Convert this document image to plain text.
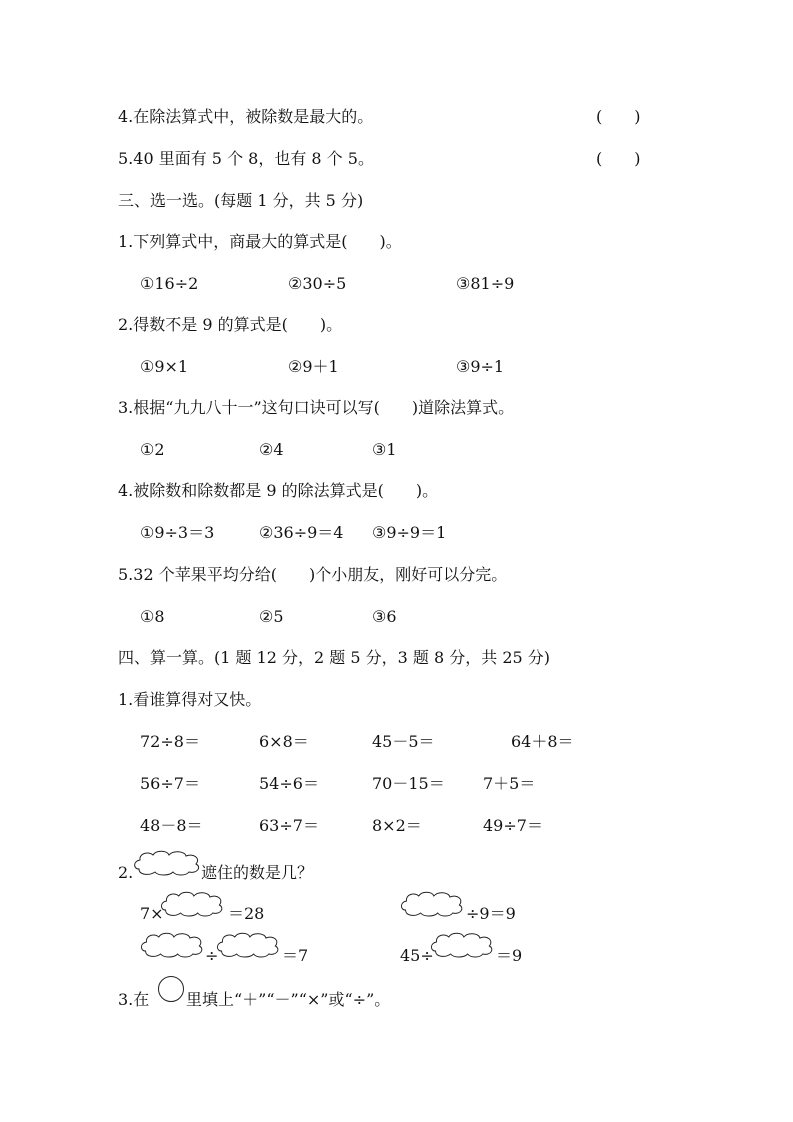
4.在除法算式中，被除数是最大的。	(　　)
5.40 里面有 5 个 8，也有 8 个 5。	(　　)
三、选一选。(每题 1 分，共 5 分)
1.下列算式中，商最大的算式是(　　)。
①16÷2	②30÷5	③81÷9
2.得数不是 9 的算式是(　　)。
①9×1	②9＋1	③9÷1
3.根据“九九八十一”这句口诀可以写(　　)道除法算式。
①2	②4	③1
4.被除数和除数都是 9 的除法算式是(　　)。
①9÷3＝3	②36÷9＝4 ③9÷9＝1
5.32 个苹果平均分给(　　)个小朋友，刚好可以分完。
①8	②5	③6
四、算一算。(1 题 12 分，2 题 5 分，3 题 8 分，共 25 分)
1.看谁算得对又快。
72÷8＝	6×8＝	45－5＝	64＋8＝
56÷7＝	54÷6＝	70－15＝ 7＋5＝
48－8＝	63÷7＝	8×2＝	49÷7＝
2.	遮住的数是几？
7×	＝28	÷9＝9
÷	＝7	45÷	＝9
3.在 里填上“＋”“－”“×”或“÷”。
